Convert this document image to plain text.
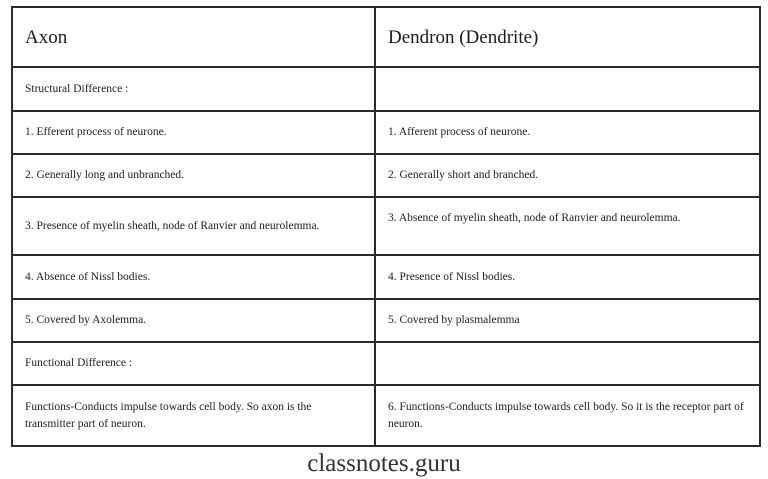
Axon	Dendron (Dendrite)
Structural Difference :	
1. Efferent process of neurone.	1. Afferent process of neurone.
2. Generally long and unbranched.	2. Generally short and branched.
3. Presence of myelin sheath, node of Ranvier and neurolemma.	3. Absence of myelin sheath, node of Ranvier and neurolemma.
4. Absence of Nissl bodies.	4. Presence of Nissl bodies.
5. Covered by Axolemma.	5. Covered by plasmalemma
Functional Difference :	
Functions-Conducts impulse towards cell body. So axon is the transmitter part of neuron.	6. Functions-Conducts impulse towards cell body. So it is the receptor part of neuron.
classnotes.guru
